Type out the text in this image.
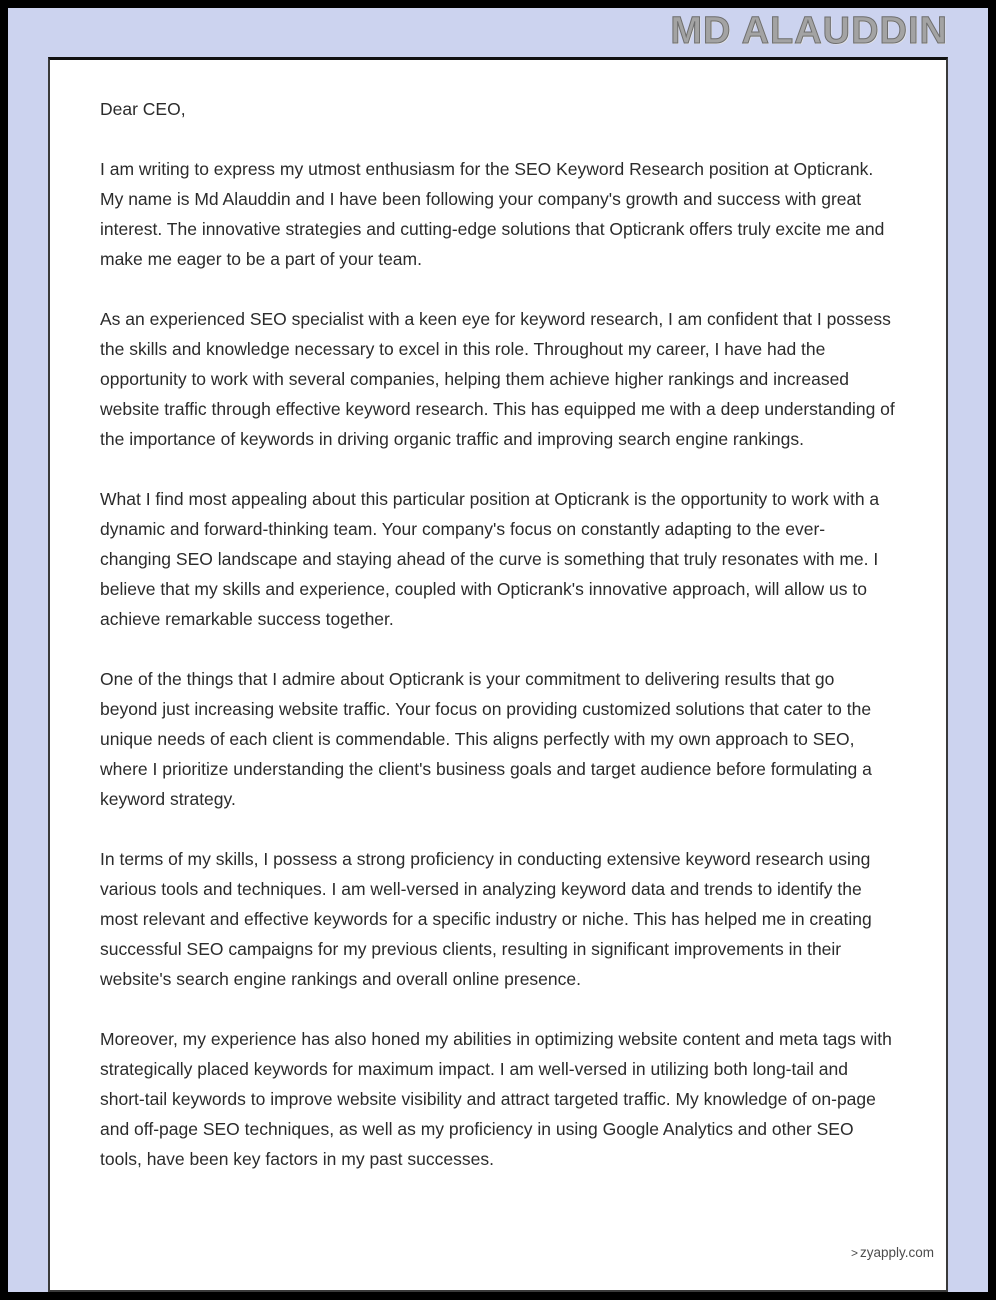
MD ALAUDDIN

Dear CEO,

I am writing to express my utmost enthusiasm for the SEO Keyword Research position at Opticrank. My name is Md Alauddin and I have been following your company's growth and success with great interest. The innovative strategies and cutting-edge solutions that Opticrank offers truly excite me and make me eager to be a part of your team.

As an experienced SEO specialist with a keen eye for keyword research, I am confident that I possess the skills and knowledge necessary to excel in this role. Throughout my career, I have had the opportunity to work with several companies, helping them achieve higher rankings and increased website traffic through effective keyword research. This has equipped me with a deep understanding of the importance of keywords in driving organic traffic and improving search engine rankings.

What I find most appealing about this particular position at Opticrank is the opportunity to work with a dynamic and forward-thinking team. Your company's focus on constantly adapting to the ever-changing SEO landscape and staying ahead of the curve is something that truly resonates with me. I believe that my skills and experience, coupled with Opticrank's innovative approach, will allow us to achieve remarkable success together.

One of the things that I admire about Opticrank is your commitment to delivering results that go beyond just increasing website traffic. Your focus on providing customized solutions that cater to the unique needs of each client is commendable. This aligns perfectly with my own approach to SEO, where I prioritize understanding the client's business goals and target audience before formulating a keyword strategy.

In terms of my skills, I possess a strong proficiency in conducting extensive keyword research using various tools and techniques. I am well-versed in analyzing keyword data and trends to identify the most relevant and effective keywords for a specific industry or niche. This has helped me in creating successful SEO campaigns for my previous clients, resulting in significant improvements in their website's search engine rankings and overall online presence.

Moreover, my experience has also honed my abilities in optimizing website content and meta tags with strategically placed keywords for maximum impact. I am well-versed in utilizing both long-tail and short-tail keywords to improve website visibility and attract targeted traffic. My knowledge of on-page and off-page SEO techniques, as well as my proficiency in using Google Analytics and other SEO tools, have been key factors in my past successes.

> zyapply.com
